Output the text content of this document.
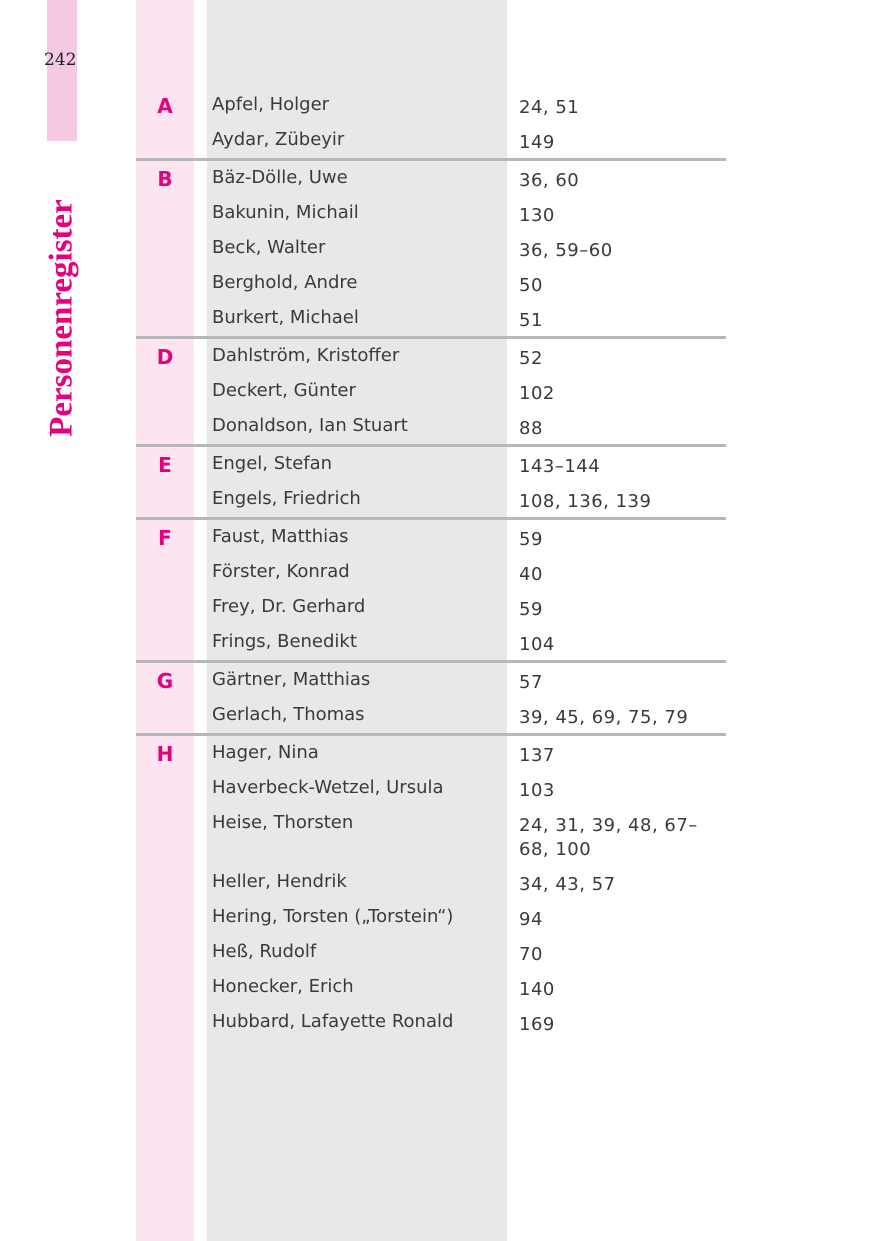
242
Personenregister
A	Apfel, Holger	24, 51
Aydar, Zübeyir	149
B	Bäz-Dölle, Uwe	36, 60
Bakunin, Michail	130
Beck, Walter	36, 59–60
Berghold, Andre	50
Burkert, Michael	51
D	Dahlström, Kristoffer	52
Deckert, Günter	102
Donaldson, Ian Stuart	88
E	Engel, Stefan	143–144
Engels, Friedrich	108, 136, 139
F	Faust, Matthias	59
Förster, Konrad	40
Frey, Dr. Gerhard	59
Frings, Benedikt	104
G	Gärtner, Matthias	57
Gerlach, Thomas	39, 45, 69, 75, 79
H	Hager, Nina	137
Haverbeck-Wetzel, Ursula	103
Heise, Thorsten	24, 31, 39, 48, 67–68, 100
Heller, Hendrik	34, 43, 57
Hering, Torsten („Torstein“)	94
Heß, Rudolf	70
Honecker, Erich	140
Hubbard, Lafayette Ronald	169
